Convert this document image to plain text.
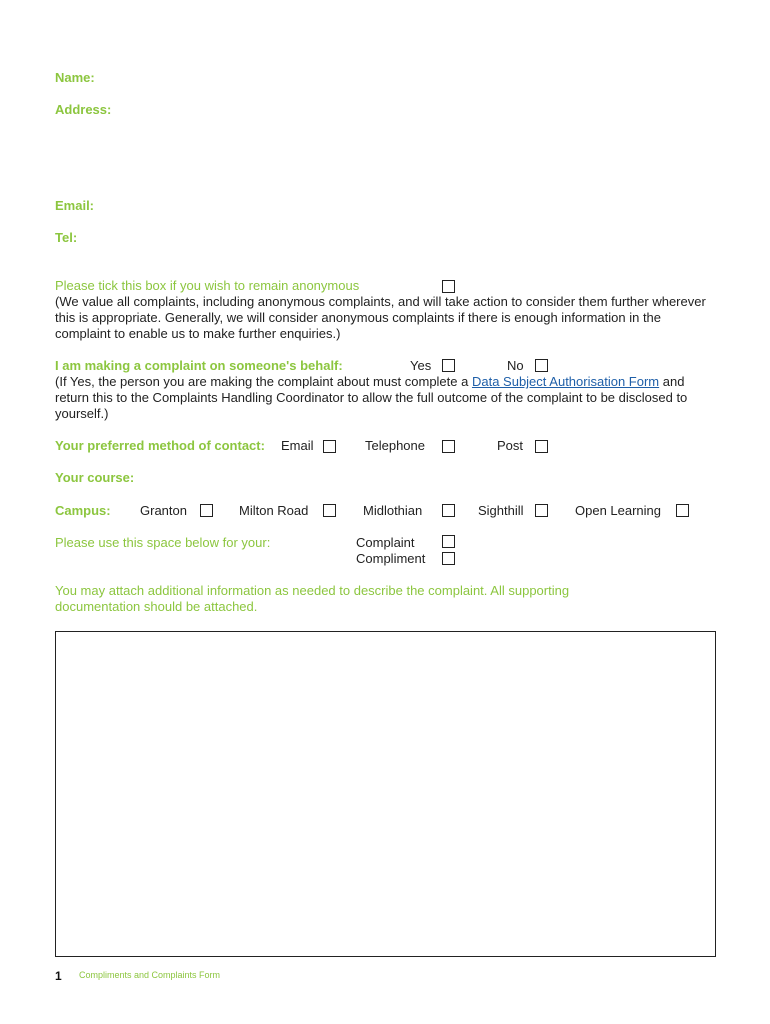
Name:
Address:
Email:
Tel:
Please tick this box if you wish to remain anonymous
(We value all complaints, including anonymous complaints, and will take action to consider them further wherever this is appropriate. Generally, we will consider anonymous complaints if there is enough information in the complaint to enable us to make further enquiries.)
I am making a complaint on someone's behalf:	Yes	No
(If Yes, the person you are making the complaint about must complete a Data Subject Authorisation Form and return this to the Complaints Handling Coordinator to allow the full outcome of the complaint to be disclosed to yourself.)
Your preferred method of contact: Email	Telephone	Post
Your course:
Campus: Granton	Milton Road	Midlothian	Sighthill	Open Learning
Please use this space below for your:	Complaint
Compliment
You may attach additional information as needed to describe the complaint. All supporting documentation should be attached.
1 Compliments and Complaints Form
